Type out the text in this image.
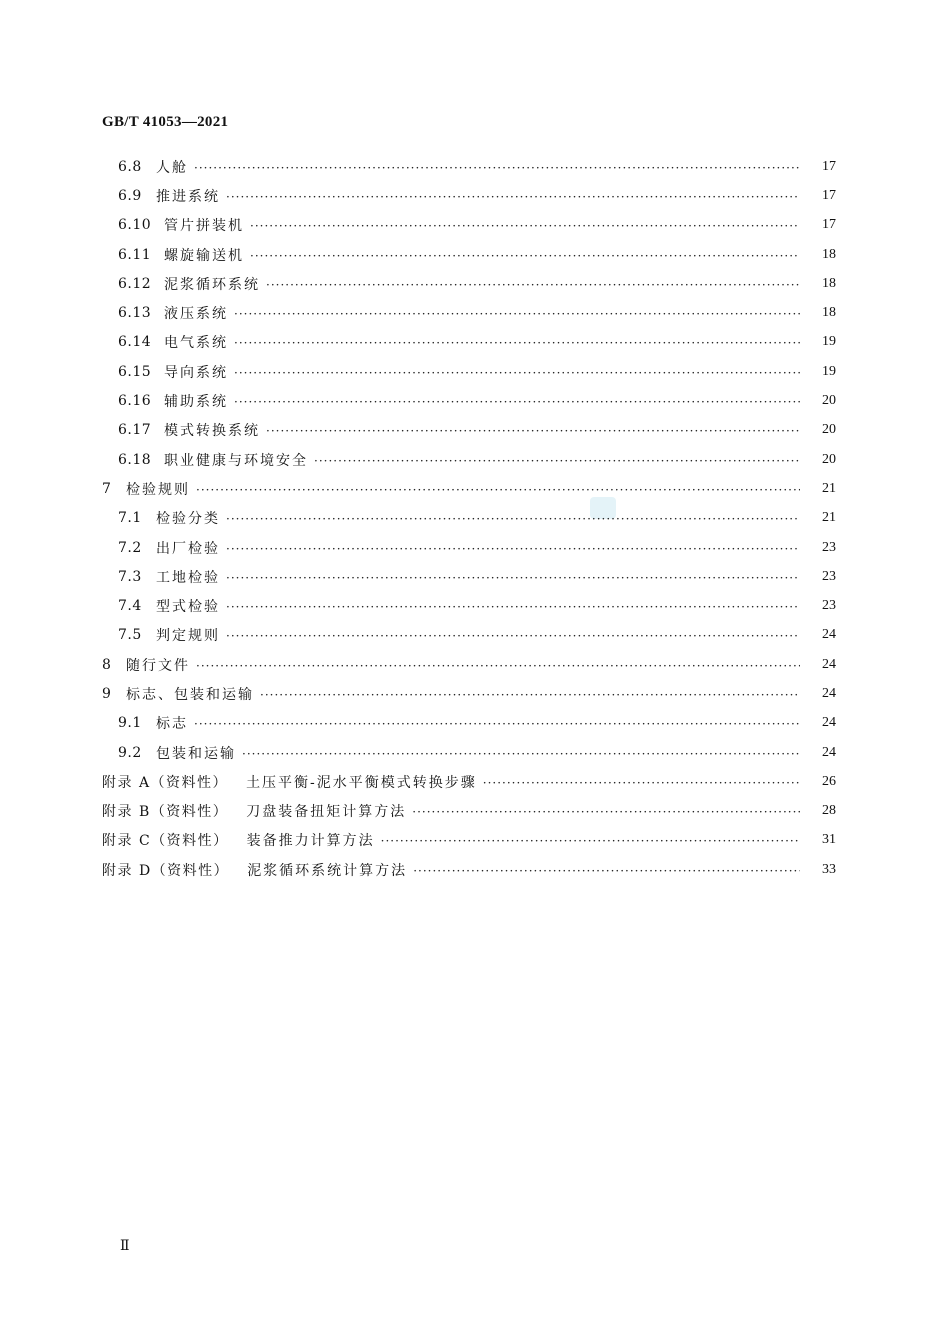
GB/T 41053—2021
6.8	人舱 ·····	17
6.9	推进系统 ·····	17
6.10 管片拼装机 ·····	17
6.11 螺旋输送机 ·····	18
6.12 泥浆循环系统 ·····	18
6.13 液压系统 ·····	18
6.14 电气系统 ·····	19
6.15 导向系统 ·····	19
6.16 辅助系统 ·····	20
6.17 模式转换系统 ·····	20
6.18 职业健康与环境安全 ·····	20
7	检验规则 ·····	21
7.1	检验分类 ·····	21
7.2	出厂检验 ·····	23
7.3	工地检验 ·····	23
7.4	型式检验 ·····	23
7.5	判定规则 ·····	24
8	随行文件 ·····	24
9	标志、包装和运输 ·····	24
9.1	标志 ·····	24
9.2	包装和运输 ·····	24
附录 A（资料性） 土压平衡-泥水平衡模式转换步骤 ·····	26
附录 B（资料性） 刀盘装备扭矩计算方法 ·····	28
附录 C（资料性） 装备推力计算方法 ·····	31
附录 D（资料性） 泥浆循环系统计算方法 ·····	33
Ⅱ
